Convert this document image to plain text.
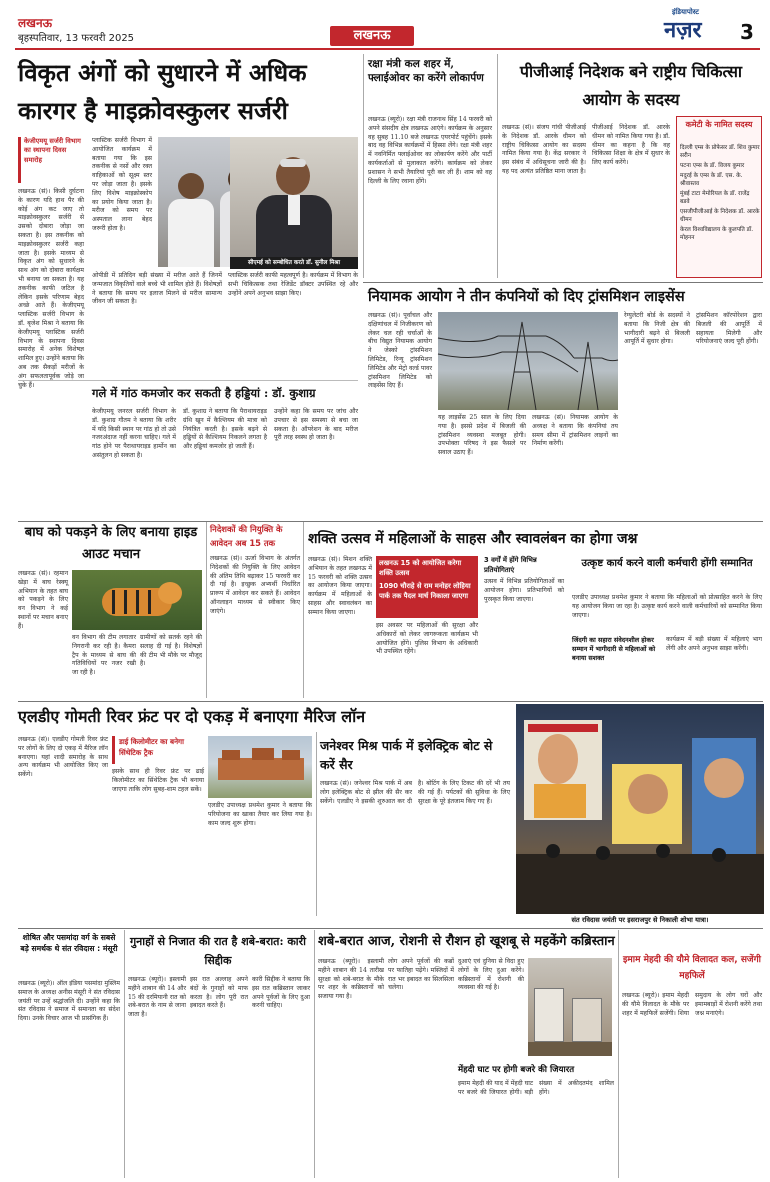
लखनऊ
बृहस्पतिवार, 13 फरवरी 2025	लखनऊ
इंडियापोस्ट
नज़र 3
विकृत अंगों को सुधारने में अधिक कारगर है माइक्रोवस्कुलर सर्जरी
केजीएमयू सर्जरी विभाग का स्थापना दिवस समारोह
लखनऊ (सं)। किसी दुर्घटना के कारण यदि हाथ पैर की कोई अंग कट जाए तो माइक्रोवस्कुलर सर्जरी से उसको दोबारा जोड़ा जा सकता है। इस तकनीक को माइक्रोवस्कुलर सर्जरी कहा जाता है। इसके माध्यम से विकृत अंग को सुधारने के साथ अंग को दोबारा कार्यक्षम भी बनाया जा सकता है। यह तकनीक काफी जटिल है लेकिन इसके परिणाम बेहद अच्छे आते हैं। केजीएमयू प्लास्टिक सर्जरी विभाग के डॉ. बृजेश मिश्रा ने बताया कि केजीएमयू प्लास्टिक सर्जरी विभाग के स्थापना दिवस समारोह में अनेक विशेषज्ञ शामिल हुए। उन्होंने बताया कि अब तक सैकड़ों मरीजों के अंग सफलतापूर्वक जोड़े जा चुके हैं।
प्लास्टिक सर्जरी विभाग में आयोजित कार्यक्रम में बताया गया कि इस तकनीक से नसों और रक्त वाहिकाओं को सूक्ष्म स्तर पर जोड़ा जाता है। इसके लिए विशेष माइक्रोस्कोप का प्रयोग किया जाता है। मरीज को समय पर अस्पताल लाना बेहद जरूरी होता है।
सीएमई को सम्बोधित करते डॉ. सुनील मिश्रा
ओपीडी में प्रतिदिन बड़ी संख्या में मरीज आते हैं जिनमें जन्मजात विकृतियों वाले बच्चे भी शामिल होते हैं। विशेषज्ञों ने बताया कि समय पर इलाज मिलने से मरीज सामान्य जीवन जी सकता है।
प्लास्टिक सर्जरी काफी महत्वपूर्ण है। कार्यक्रम में विभाग के सभी चिकित्सक तथा रेजिडेंट डॉक्टर उपस्थित रहे और उन्होंने अपने अनुभव साझा किए।
गले में गांठ कमजोर कर सकती है हड्डियां : डॉ. कुशाग्र
केजीएमयू जनरल सर्जरी विभाग के डॉ. कुशाग्र गौतम ने बताया कि शरीर में यदि किसी स्थान पर गांठ हो तो उसे नजरअंदाज नहीं करना चाहिए। गले में गांठ होने पर पैराथायराइड हार्मोन का असंतुलन हो सकता है।
डॉ. कुशाग्र ने बताया कि पैराथायराइड ग्रंथि खून में कैल्शियम की मात्रा को नियंत्रित करती है। इसके बढ़ने से हड्डियों से कैल्शियम निकलने लगता है और हड्डियां कमजोर हो जाती हैं।
उन्होंने कहा कि समय पर जांच और उपचार से इस समस्या से बचा जा सकता है। ऑपरेशन के बाद मरीज पूरी तरह स्वस्थ हो जाता है।
रक्षा मंत्री कल शहर में, फ्लाईओवर का करेंगे लोकार्पण
लखनऊ (ब्यूरो)। रक्षा मंत्री राजनाथ सिंह 14 फरवरी को अपने संसदीय क्षेत्र लखनऊ आएंगे। कार्यक्रम के अनुसार वह सुबह 11.10 बजे लखनऊ एयरपोर्ट पहुंचेंगे। इसके बाद वह विभिन्न कार्यक्रमों में हिस्सा लेंगे। रक्षा मंत्री शहर में नवनिर्मित फ्लाईओवर का लोकार्पण करेंगे और पार्टी कार्यकर्ताओं से मुलाकात करेंगे। कार्यक्रम को लेकर प्रशासन ने सभी तैयारियां पूरी कर ली हैं। शाम को वह दिल्ली के लिए रवाना होंगे।
पीजीआई निदेशक बने राष्ट्रीय चिकित्सा आयोग के सदस्य
लखनऊ (सं)। संजय गांधी पीजीआई के निदेशक डॉ. आरके धीमन को राष्ट्रीय चिकित्सा आयोग का सदस्य नामित किया गया है। केंद्र सरकार ने इस संबंध में अधिसूचना जारी की है। यह पद अत्यंत प्रतिष्ठित माना जाता है।
पीजीआई निदेशक डॉ. आरके धीमन को नामित किया गया है। डॉ. धीमन का कहना है कि वह चिकित्सा शिक्षा के क्षेत्र में सुधार के लिए कार्य करेंगे।
कमेटी के नामित सदस्य
दिल्ली एम्स के प्रोफेसर डॉ. शिव कुमार सरीन
पटना एम्स के डॉ. विजय कुमार
मदुरई के एम्स के डॉ. एस. के. श्रीवास्तव
मुंबई टाटा मेमोरियल के डॉ. राजेंद्र बडवे
एसजीपीजीआई के निदेशक डॉ. आरके धीमन
केरल विश्वविद्यालय के कुलपति डॉ. मोहनन
नियामक आयोग ने तीन कंपनियों को दिए ट्रांसमिशन लाइसेंस
लखनऊ (सं)। पूर्वांचल और दक्षिणांचल में निजीकरण को लेकर चल रही चर्चाओं के बीच विद्युत नियामक आयोग ने जेस्को ट्रांसमिशन लिमिटेड, रिन्यू ट्रांसमिशन लिमिटेड और मेट्रो वर्ल्ड पावर ट्रांसमिशन लिमिटेड को लाइसेंस दिए हैं।
यह लाइसेंस 25 साल के लिए दिया गया है। इससे प्रदेश में बिजली की ट्रांसमिशन व्यवस्था मजबूत होगी। उपभोक्ता परिषद ने इस फैसले पर सवाल उठाए हैं।
लखनऊ (सं)। नियामक आयोग के अध्यक्ष ने बताया कि कंपनियां तय समय सीमा में ट्रांसमिशन लाइनों का निर्माण करेंगी।
रेग्युलेटरी बोर्ड के सदस्यों ने बताया कि निजी क्षेत्र की भागीदारी बढ़ने से बिजली आपूर्ति में सुधार होगा।
ट्रांसमिशन कॉरपोरेशन द्वारा बिजली की आपूर्ति में सहायता मिलेगी और परियोजनाएं जल्द पूरी होंगी।
बाघ को पकड़ने के लिए बनाया हाइड आउट मचान
लखनऊ (सं)। रहमान खेड़ा में बाघ रेस्क्यू अभियान के तहत बाघ को पकड़ने के लिए वन विभाग ने कई स्थानों पर मचान बनाए हैं।
वन विभाग की टीम लगातार निगरानी कर रही है। कैमरा ट्रैप के माध्यम से बाघ की गतिविधियों पर नजर रखी जा रही है।
ग्रामीणों को सतर्क रहने की सलाह दी गई है। विशेषज्ञों की टीम भी मौके पर मौजूद है।
निदेशकों की नियुक्ति के आवेदन अब 15 तक
लखनऊ (सं)। ऊर्जा विभाग के अंतर्गत निदेशकों की नियुक्ति के लिए आवेदन की अंतिम तिथि बढ़ाकर 15 फरवरी कर दी गई है। इच्छुक अभ्यर्थी निर्धारित प्रारूप में आवेदन कर सकते हैं। आवेदन ऑनलाइन माध्यम से स्वीकार किए जाएंगे।
शक्ति उत्सव में महिलाओं के साहस और स्वावलंबन का होगा जश्न
लखनऊ (सं)। मिशन शक्ति अभियान के तहत लखनऊ में 15 फरवरी को शक्ति उत्सव का आयोजन किया जाएगा। कार्यक्रम में महिलाओं के साहस और स्वावलंबन का सम्मान किया जाएगा।
लखनऊ 15 को आयोजित करेगा शक्ति उत्सव
1090 चौराहे से राम मनोहर लोहिया पार्क तक पैदल मार्च निकाला जाएगा
इस अवसर पर महिलाओं की सुरक्षा और अधिकारों को लेकर जागरूकता कार्यक्रम भी आयोजित होंगे। पुलिस विभाग के अधिकारी भी उपस्थित रहेंगे।
3 वर्गों में होंगे विभिन्न प्रतियोगिताएं
उत्सव में विभिन्न प्रतियोगिताओं का आयोजन होगा। प्रतिभागियों को पुरस्कृत किया जाएगा।
उत्कृष्ट कार्य करने वाली कर्मचारी होंगी सम्मानित
एलडीए उपाध्यक्ष प्रथमेश कुमार ने बताया कि महिलाओं को प्रोत्साहित करने के लिए यह आयोजन किया जा रहा है। उत्कृष्ट कार्य करने वाली कर्मचारियों को सम्मानित किया जाएगा।
जिंदगी का सहारा संवेदनशील होकर सम्मान में भागीदारी से महिलाओं को बनाया सशक्त
कार्यक्रम में बड़ी संख्या में महिलाएं भाग लेंगी और अपने अनुभव साझा करेंगी।
एलडीए गोमती रिवर फ्रंट पर दो एकड़ में बनाएगा मैरिज लॉन
लखनऊ (सं)। एलडीए गोमती रिवर फ्रंट पर लोगों के लिए दो एकड़ में मैरिज लॉन बनाएगा। यहां शादी समारोह के साथ अन्य कार्यक्रम भी आयोजित किए जा सकेंगे।
डाई किलोमीटर का बनेगा सिंथेटिक ट्रैक
इसके साथ ही रिवर फ्रंट पर ढाई किलोमीटर का सिंथेटिक ट्रैक भी बनाया जाएगा ताकि लोग सुबह-शाम टहल सकें।
एलडीए उपाध्यक्ष प्रथमेश कुमार ने बताया कि परियोजना का खाका तैयार कर लिया गया है। काम जल्द शुरू होगा।
जनेश्वर मिश्र पार्क में इलेक्ट्रिक बोट से करें सैर
लखनऊ (सं)। जनेश्वर मिश्र पार्क में अब लोग इलेक्ट्रिक बोट से झील की सैर कर सकेंगे। एलडीए ने इसकी शुरुआत कर दी है। बोटिंग के लिए टिकट की दरें भी तय की गई हैं। पर्यटकों की सुविधा के लिए सुरक्षा के पूरे इंतजाम किए गए हैं।
संत रविदास जयंती पर इसराजपुर से निकाली शोभा यात्रा।
शोषित और पसमांदा वर्ग के सबसे बड़े समर्थक थे संत रविदास : मंसूरी
लखनऊ (ब्यूरो)। ऑल इंडिया पसमांदा मुस्लिम समाज के अध्यक्ष अनीस मंसूरी ने संत रविदास जयंती पर उन्हें श्रद्धांजलि दी। उन्होंने कहा कि संत रविदास ने समाज में समानता का संदेश दिया। उनके विचार आज भी प्रासंगिक हैं।
गुनाहों से निजात की रात है शबे-बरात: कारी सिद्दीक
लखनऊ (ब्यूरो)। इस्लामी महीने शाबान की 14 और 15 की दरमियानी रात को शबे-बरात के नाम से जाना जाता है।
इस रात अल्लाह अपने बंदों के गुनाहों को माफ करता है। लोग पूरी रात इबादत करते हैं।
कारी सिद्दीक ने बताया कि इस रात कब्रिस्तान जाकर अपने पूर्वजों के लिए दुआ करनी चाहिए।
शबे-बरात आज, रोशनी से रौशन हो खूशबू से महकेंगे कब्रिस्तान
लखनऊ (ब्यूरो)। इस्लामी महीने शाबान की 14 तारीख सुरक्षा को शबे-बरात के मौके पर शहर के कब्रिस्तानों को सजाया गया है।
लोग अपने पूर्वजों की कब्रों पर फातिहा पढ़ेंगे। मस्जिदों में रात भर इबादत का सिलसिला चलेगा।
दुआएं एवं दुनिया से विदा हुए लोगों के लिए दुआ करेंगे। कब्रिस्तानों में रोशनी की व्यवस्था की गई है।
मेंहदी घाट पर होगी बजरे की जियारत
इमाम मेहदी की याद में मेंहदी घाट पर बजरे की जियारत होगी। बड़ी संख्या में अकीदतमंद शामिल होंगे।
इमाम मेहदी की यौमे विलादत कल, सजेंगी महफिलें
लखनऊ (ब्यूरो)। इमाम मेहदी की यौमे विलादत के मौके पर शहर में महफिलें सजेंगी। शिया समुदाय के लोग घरों और इमामबाड़ों में रोशनी करेंगे तथा जश्न मनाएंगे।
